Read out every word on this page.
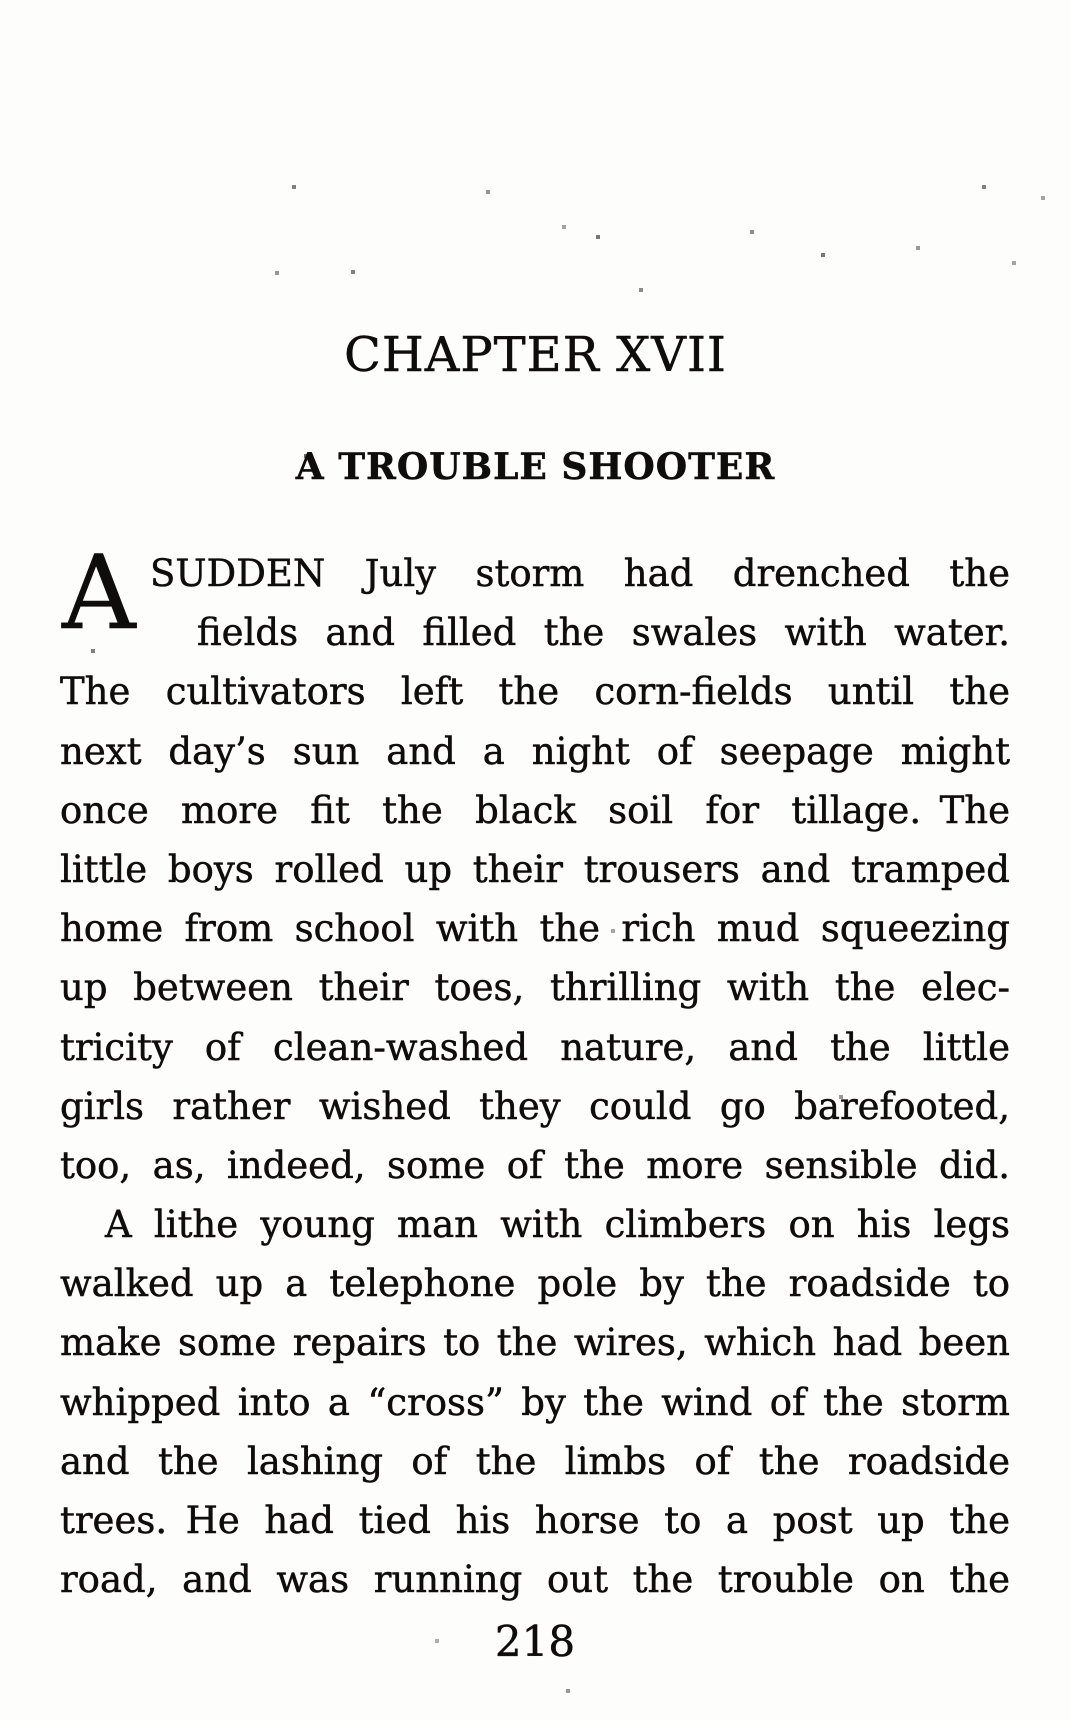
CHAPTER XVII
A TROUBLE SHOOTER
A SUDDEN July storm had drenched the
fields and filled the swales with water.
The cultivators left the corn-fields until the
next day’s sun and a night of seepage might
once more fit the black soil for tillage. The
little boys rolled up their trousers and tramped
home from school with the rich mud squeezing
up between their toes, thrilling with the elec-
tricity of clean-washed nature, and the little
girls rather wished they could go barefooted,
too, as, indeed, some of the more sensible did.
A lithe young man with climbers on his legs
walked up a telephone pole by the roadside to
make some repairs to the wires, which had been
whipped into a “cross” by the wind of the storm
and the lashing of the limbs of the roadside
trees. He had tied his horse to a post up the
road, and was running out the trouble on the
218
